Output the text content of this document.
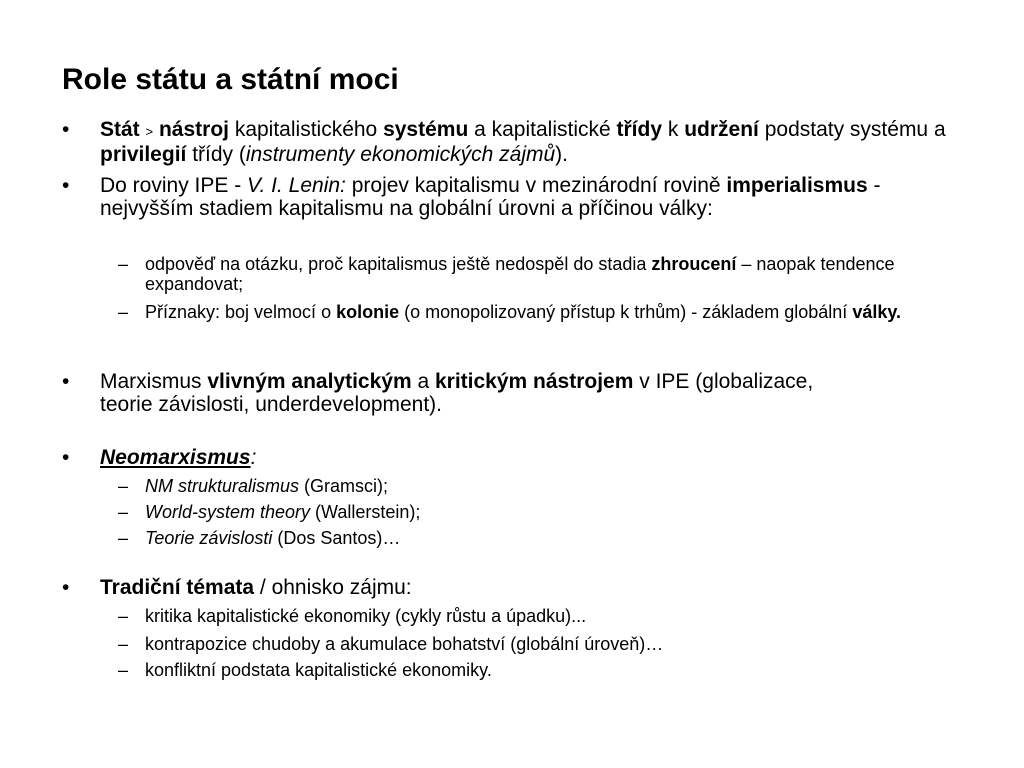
Role státu a státní moci
• Stát > nástroj kapitalistického systému a kapitalistické třídy k udržení podstaty systému a privilegií třídy (instrumenty ekonomických zájmů).
• Do roviny IPE - V. I. Lenin: projev kapitalismu v mezinárodní rovině imperialismus - nejvyšším stadiem kapitalismu na globální úrovni a příčinou války:
– odpověď na otázku, proč kapitalismus ještě nedospěl do stadia zhroucení – naopak tendence expandovat;
– Příznaky: boj velmocí o kolonie (o monopolizovaný přístup k trhům) - základem globální války.
• Marxismus vlivným analytickým a kritickým nástrojem v IPE (globalizace, teorie závislosti, underdevelopment).
• Neomarxismus:
– NM strukturalismus (Gramsci);
– World-system theory (Wallerstein);
– Teorie závislosti (Dos Santos)…
• Tradiční témata / ohnisko zájmu:
– kritika kapitalistické ekonomiky (cykly růstu a úpadku)...
– kontrapozice chudoby a akumulace bohatství (globální úroveň)…
– konfliktní podstata kapitalistické ekonomiky.
